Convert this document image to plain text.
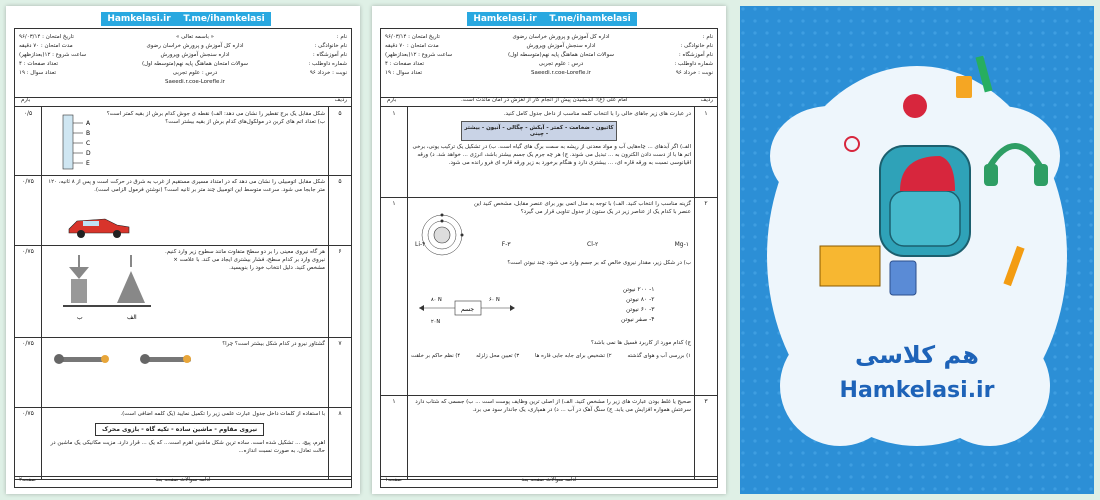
Hamkelasi.ir T.me/ihamkelasi
نام :
نام خانوادگی :
نام آموزشگاه :
شماره داوطلب :
نوبت : خرداد ۹۶
« باسمه تعالی »
اداره کل آموزش و پرورش خراسان رضوی
اداره سنجش آموزش وپرورش
سوالات امتحان هماهنگ پایه نهم(متوسطه اول)
درس : علوم تجربی
Saeedi.r.coe-Lorefle.ir
تاریخ امتحان : ۹۶/۰۳/۱۴
مدت امتحان : ۷۰ دقیقه
ساعت شروع : ۱۲(بعدازظهر)
تعداد صفحات : ۴
تعداد سوال : ۱۹
ردیف
بارم
۵
۰/۵	شکل مقابل یک برج تقطیر را نشان می دهد: الف) نقطه ی جوش کدام برش از بقیه کمتر است؟ ب) تعداد اتم های کربن در مولکول‌های کدام برش از بقیه بیشتر است؟
A
B
C
D
E
۵
۰/۷۵	شکل مقابل اتومبیلی را نشان می دهد که در امتداد مسیری مستقیم از غرب به شرق در حرکت است و پس از ۸ ثانیه، ۱۲۰ متر جابجا می شود. سرعت متوسط این اتومبیل چند متر بر ثانیه است؟ (نوشتن فرمول الزامی است).
۶
۰/۷۵	هر گاه نیروی معینی را بر دو سطح متفاوت مانند سطوح زیر وارد کنیم. نیروی وارد بر کدام سطح، فشار بیشتری ایجاد می کند. با علامت × مشخص کنید. دلیل انتخاب خود را بنویسید.
ب	الف
۷
۰/۷۵	گشتاور نیرو در کدام شکل بیشتر است؟ چرا؟
۸
۰/۷۵	با استفاده از کلمات داخل جدول عبارت علمی زیر را تکمیل نمایید (یک کلمه اضافی است).
نیروی مقاوم - ماشین ساده - تکیه گاه - بازوی محرک
اهرم، پیچ، ... تشکیل شده است. ساده ترین شکل ماشین اهرم است... که یک ... قرار دارد. مزیت مکانیکی یک ماشین در حالت تعادل، به صورت نسبت اندازه...
ادامه سوالات صفحه بعد
صفحه۲
Hamkelasi.ir T.me/ihamkelasi
نام :
نام خانوادگی :
نام آموزشگاه :
شماره داوطلب :
نوبت : خرداد ۹۶
اداره کل آموزش و پرورش خراسان رضوی
اداره سنجش آموزش وپرورش
سوالات امتحان هماهنگ پایه نهم(متوسطه اول)
درس : علوم تجربی
Saeedi.r.coe-Lorefle.ir
تاریخ امتحان : ۹۶/۰۳/۱۴
مدت امتحان : ۷۰ دقیقه
ساعت شروع : ۱۲(بعدازظهر)
تعداد صفحات : ۴
تعداد سوال : ۱۹
ردیف
امام علی (ع): اندیشیدن پیش از انجام کار از لغزش در امان مانَدت است.
بارم
۱
۱	در عبارت های زیر جاهای خالی را با انتخاب کلمه مناسب از داخل جدول کامل کنید.
کاتیون - ضخامت - کمتر - آبکش - چگالی - آنیون - بیشتر - چینی
الف) اگر آبدهای ... چاه‌هایی آب و مواد معدنی از ریشه به سمت برگ های گیاه است. ب) در تشکیل یک ترکیب یونی، برخی اتم ها با از دست دادن الکترون به ... تبدیل می شوند. ج) هر چه جرم یک جسم بیشتر باشد، انرژی ... خواهد شد. د) ورقه اقیانوسی نسبت به ورقه قاره ای، ... بیشتری دارد و هنگام برخورد به زیر ورقه قاره ای فرو رانده می شود.
۲
۱	گزینه مناسب را انتخاب کنید. الف) با توجه به مدل اتمی بور برای عنصر مقابل، مشخص کنید این عنصر با کدام یک از عناصر زیر در یک ستون از جدول تناوبی قرار می گیرد؟
Mg-۱
Cl-۲
F-۳
Li-۴
ب) در شکل زیر، مقدار نیروی خالص که بر جسم وارد می شود، چند نیوتن است؟
جسم
۸۰ N
۲۰N
۶۰ N
۱- ۲۰۰ نیوتن
۲- ۸۰ نیوتن
۳- ۶۰ نیوتن
۴- صفر نیوتن
ج) کدام مورد از کاربرد فسیل ها نمی باشد؟
۱) بررسی آب و هوای گذشته
۲) تشخیص برای جابه جایی قاره ها
۳) تعیین محل زلزله
۴) نظم حاکم بر خلقت
۳
۱	صحیح یا غلط بودن عبارت های زیر را مشخص کنید. الف) از اصلی ترین وظایف پوست است ... ب) جسمی که شتاب دارد سرعتش همواره افزایش می یابد. ج) سنگ آهک در آب ... د) در همپاری، یک جاندار سود می برد.
ادامه سوالات صفحه بعد
صفحه۱
هم کلاسی
Hamkelasi.ir
